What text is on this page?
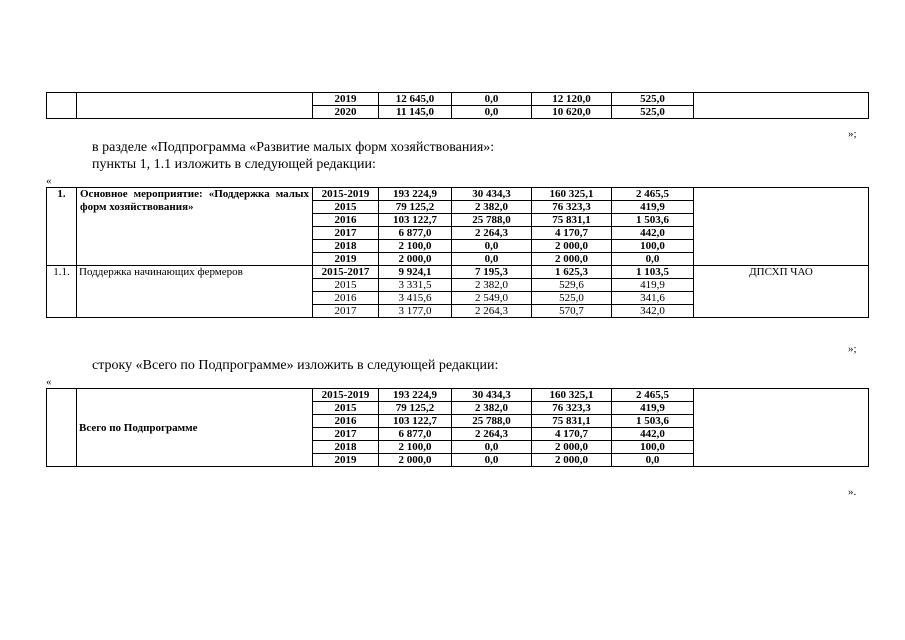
		2019	12 645,0	0,0	12 120,0	525,0	
		2020	11 145,0	0,0	10 620,0	525,0	
»;
в разделе «Подпрограмма «Развитие малых форм хозяйствования»:
пункты 1, 1.1 изложить в следующей редакции:
«
1.	Основное мероприятие: «Поддержка малых форм хозяйствования»	2015-2019	193 224,9	30 434,3	160 325,1	2 465,5	
		2015	79 125,2	2 382,0	76 323,3	419,9	
		2016	103 122,7	25 788,0	75 831,1	1 503,6	
		2017	6 877,0	2 264,3	4 170,7	442,0	
		2018	2 100,0	0,0	2 000,0	100,0	
		2019	2 000,0	0,0	2 000,0	0,0	
1.1.	Поддержка начинающих фермеров	2015-2017	9 924,1	7 195,3	1 625,3	1 103,5	ДПСХП ЧАО
		2015	3 331,5	2 382,0	529,6	419,9	
		2016	3 415,6	2 549,0	525,0	341,6	
		2017	3 177,0	2 264,3	570,7	342,0	
»;
строку «Всего по Подпрограмме» изложить в следующей редакции:
«
	Всего по Подпрограмме	2015-2019	193 224,9	30 434,3	160 325,1	2 465,5	
		2015	79 125,2	2 382,0	76 323,3	419,9	
		2016	103 122,7	25 788,0	75 831,1	1 503,6	
		2017	6 877,0	2 264,3	4 170,7	442,0	
		2018	2 100,0	0,0	2 000,0	100,0	
		2019	2 000,0	0,0	2 000,0	0,0	
».
